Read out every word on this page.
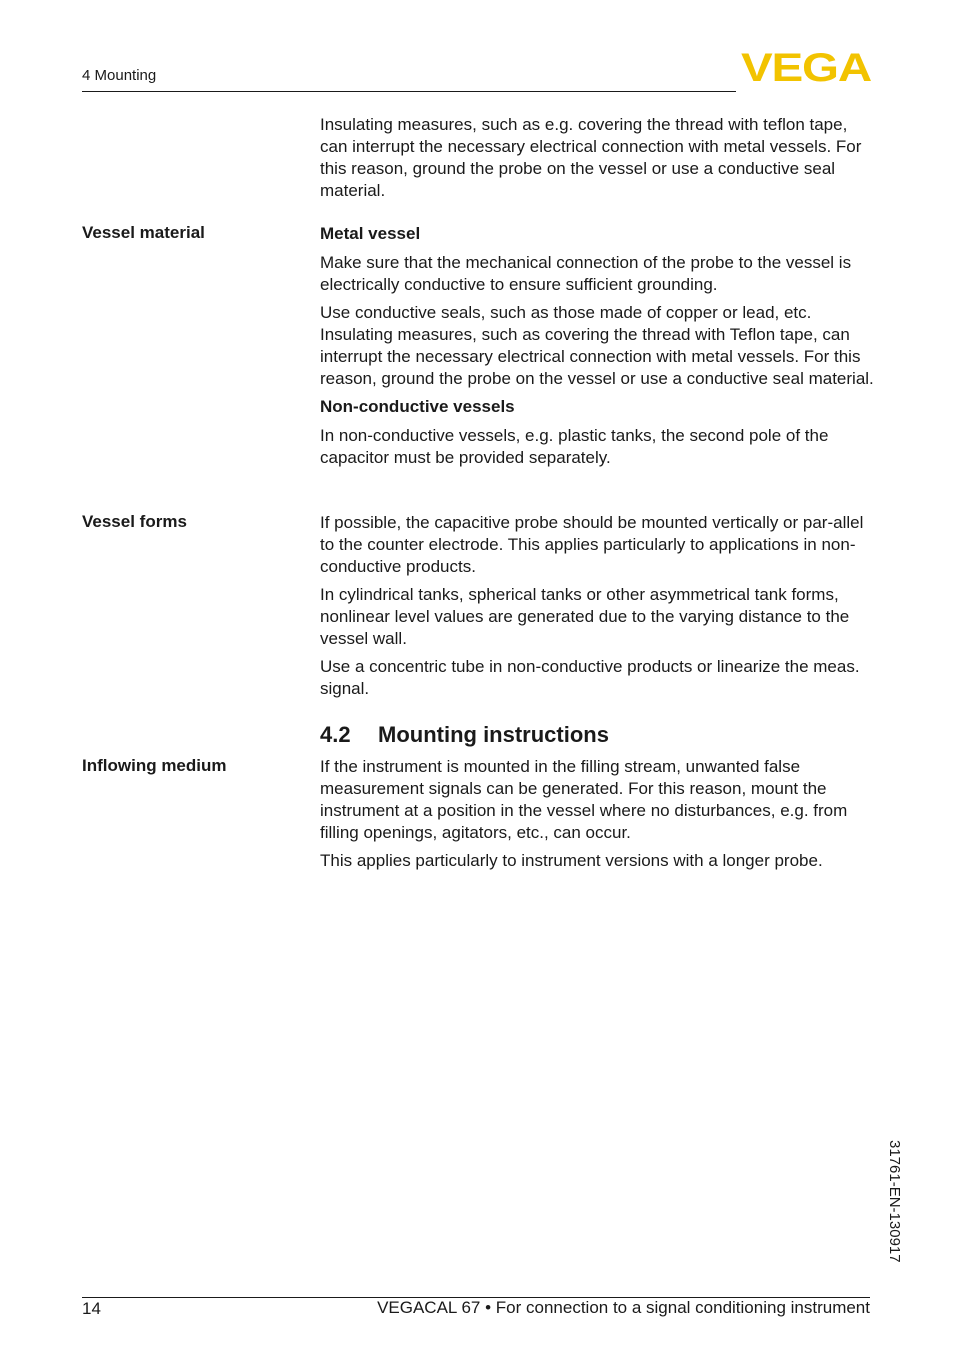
4 Mounting	VEGA

Insulating measures, such as e.g. covering the thread with teflon tape, can interrupt the necessary electrical connection with metal vessels. For this reason, ground the probe on the vessel or use a conductive seal material.

Vessel material	Metal vessel

Make sure that the mechanical connection of the probe to the vessel is electrically conductive to ensure sufficient grounding.

Use conductive seals, such as those made of copper or lead, etc. Insulating measures, such as covering the thread with Teflon tape, can interrupt the necessary electrical connection with metal vessels. For this reason, ground the probe on the vessel or use a conductive seal material.

Non-conductive vessels

In non-conductive vessels, e.g. plastic tanks, the second pole of the capacitor must be provided separately.

Vessel forms	If possible, the capacitive probe should be mounted vertically or par-allel to the counter electrode. This applies particularly to applications in non-conductive products.

In cylindrical tanks, spherical tanks or other asymmetrical tank forms, nonlinear level values are generated due to the varying distance to the vessel wall.

Use a concentric tube in non-conductive products or linearize the meas. signal.

4.2 Mounting instructions
Inflowing medium	If the instrument is mounted in the filling stream, unwanted false measurement signals can be generated. For this reason, mount the instrument at a position in the vessel where no disturbances, e.g. from filling openings, agitators, etc., can occur.

This applies particularly to instrument versions with a longer probe.

31761-EN-130917
14	VEGACAL 67 • For connection to a signal conditioning instrument
